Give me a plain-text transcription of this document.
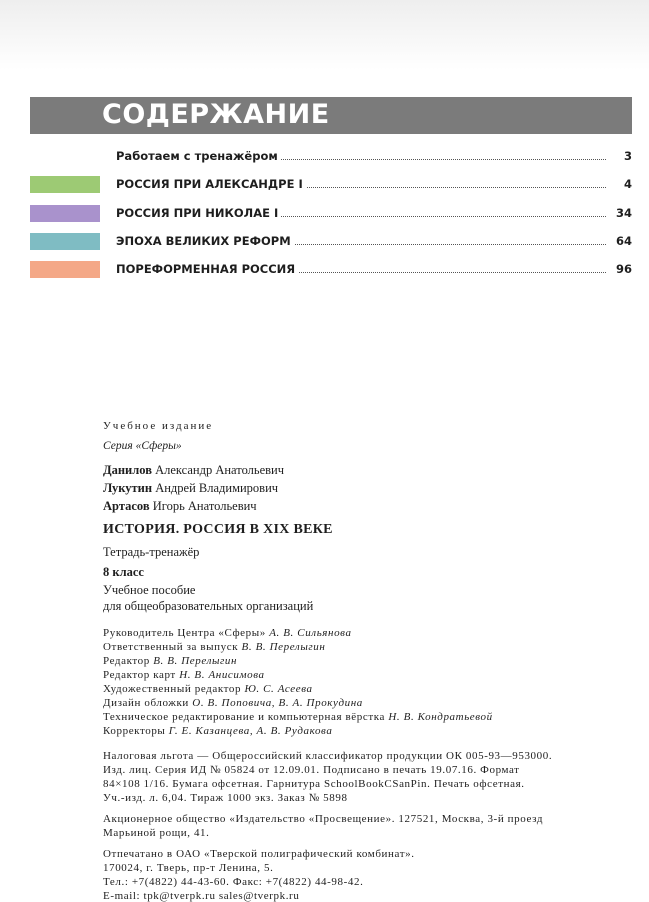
СОДЕРЖАНИЕ
Работаем с тренажёром	3
РОССИЯ ПРИ АЛЕКСАНДРЕ I	4
РОССИЯ ПРИ НИКОЛАЕ I	34
ЭПОХА ВЕЛИКИХ РЕФОРМ	64
ПОРЕФОРМЕННАЯ РОССИЯ	96
Учебное издание
Серия «Сферы»
Данилов Александр Анатольевич
Лукутин Андрей Владимирович
Артасов Игорь Анатольевич
ИСТОРИЯ. РОССИЯ В XIX ВЕКЕ
Тетрадь-тренажёр
8 класс
Учебное пособие
для общеобразовательных организаций
Руководитель Центра «Сферы» А. В. Сильянова
Ответственный за выпуск В. В. Перелыгин
Редактор В. В. Перелыгин
Редактор карт Н. В. Анисимова
Художественный редактор Ю. С. Асеева
Дизайн обложки О. В. Поповича, В. А. Прокудина
Техническое редактирование и компьютерная вёрстка Н. В. Кондратьевой
Корректоры Г. Е. Казанцева, А. В. Рудакова
Налоговая льгота — Общероссийский классификатор продукции ОК 005-93—953000.
Изд. лиц. Серия ИД № 05824 от 12.09.01. Подписано в печать 19.07.16. Формат
84×108 1/16. Бумага офсетная. Гарнитура SchoolBookCSanPin. Печать офсетная.
Уч.-изд. л. 6,04. Тираж 1000 экз. Заказ № 5898
Акционерное общество «Издательство «Просвещение». 127521, Москва, 3-й проезд
Марьиной рощи, 41.
Отпечатано в ОАО «Тверской полиграфический комбинат».
170024, г. Тверь, пр-т Ленина, 5.
Тел.: +7(4822) 44-43-60. Факс: +7(4822) 44-98-42.
E-mail: tpk@tverpk.ru sales@tverpk.ru
